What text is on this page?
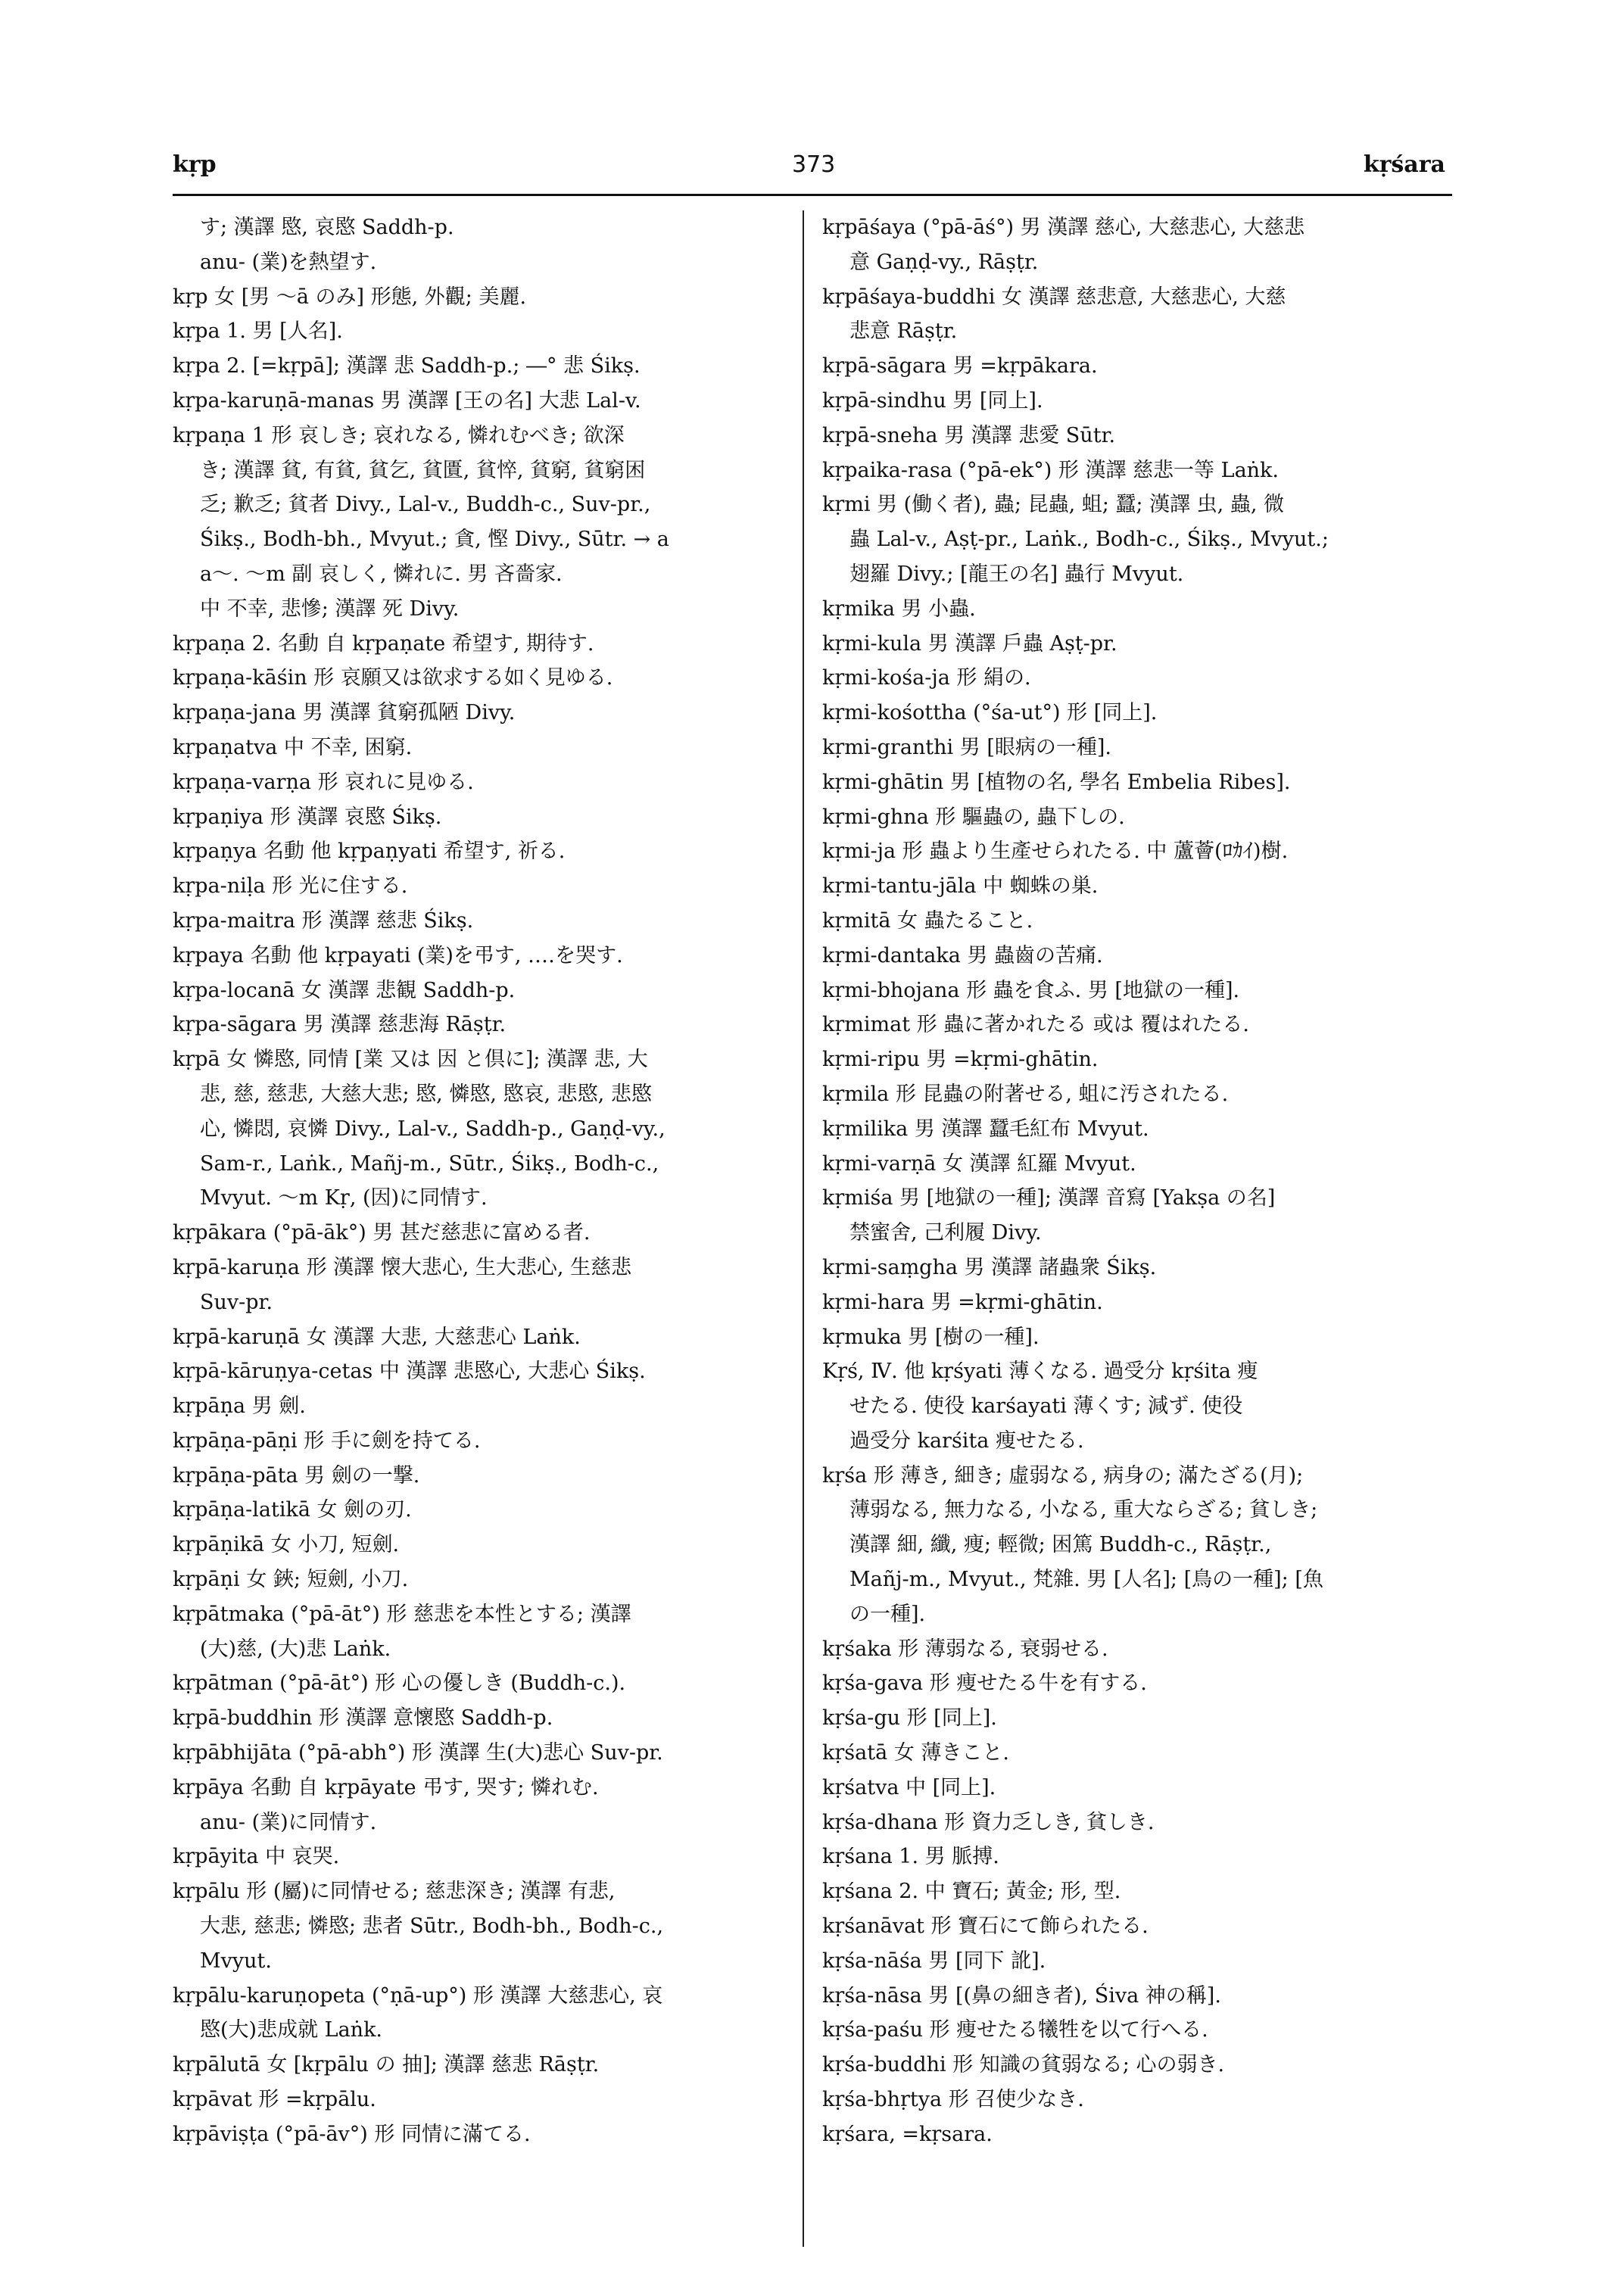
kṛp	373	kṛśara
す; 漢譯 愍, 哀愍 Saddh-p.
anu- (業)を熱望す.
kṛp 女 [男 〜ā のみ] 形態, 外觀; 美麗.
kṛpa 1. 男 [人名].
kṛpa 2. [=kṛpā]; 漢譯 悲 Saddh-p.; ―° 悲 Śikṣ.
kṛpa-karuṇā-manas 男 漢譯 [王の名] 大悲 Lal-v.
kṛpaṇa 1 形 哀しき; 哀れなる, 憐れむべき; 欲深
き; 漢譯 貧, 有貧, 貧乞, 貧匱, 貧悴, 貧窮, 貧窮困
乏; 歉乏; 貧者 Divy., Lal-v., Buddh-c., Suv-pr.,
Śikṣ., Bodh-bh., Mvyut.; 貪, 慳 Divy., Sūtr. → a
a〜. 〜m 副 哀しく, 憐れに. 男 吝嗇家.
中 不幸, 悲慘; 漢譯 死 Divy.
kṛpaṇa 2. 名動 自 kṛpaṇate 希望す, 期待す.
kṛpaṇa-kāśin 形 哀願又は欲求する如く見ゆる.
kṛpaṇa-jana 男 漢譯 貧窮孤陋 Divy.
kṛpaṇatva 中 不幸, 困窮.
kṛpaṇa-varṇa 形 哀れに見ゆる.
kṛpaṇiya 形 漢譯 哀愍 Śikṣ.
kṛpaṇya 名動 他 kṛpaṇyati 希望す, 祈る.
kṛpa-niḷa 形 光に住する.
kṛpa-maitra 形 漢譯 慈悲 Śikṣ.
kṛpaya 名動 他 kṛpayati (業)を弔す, ‥‥を哭す.
kṛpa-locanā 女 漢譯 悲観 Saddh-p.
kṛpa-sāgara 男 漢譯 慈悲海 Rāṣṭr.
kṛpā 女 憐愍, 同情 [業 又は 因 と倶に]; 漢譯 悲, 大
悲, 慈, 慈悲, 大慈大悲; 愍, 憐愍, 愍哀, 悲愍, 悲愍
心, 憐悶, 哀憐 Divy., Lal-v., Saddh-p., Gaṇḍ-vy.,
Sam-r., Laṅk., Mañj-m., Sūtr., Śikṣ., Bodh-c.,
Mvyut. 〜m Kṛ, (因)に同情す.
kṛpākara (°pā-āk°) 男 甚だ慈悲に富める者.
kṛpā-karuṇa 形 漢譯 懐大悲心, 生大悲心, 生慈悲
Suv-pr.
kṛpā-karuṇā 女 漢譯 大悲, 大慈悲心 Laṅk.
kṛpā-kāruṇya-cetas 中 漢譯 悲愍心, 大悲心 Śikṣ.
kṛpāṇa 男 劍.
kṛpāṇa-pāṇi 形 手に劍を持てる.
kṛpāṇa-pāta 男 劍の一撃.
kṛpāṇa-latikā 女 劍の刃.
kṛpāṇikā 女 小刀, 短劍.
kṛpāṇi 女 鋏; 短劍, 小刀.
kṛpātmaka (°pā-āt°) 形 慈悲を本性とする; 漢譯
(大)慈, (大)悲 Laṅk.
kṛpātman (°pā-āt°) 形 心の優しき (Buddh-c.).
kṛpā-buddhin 形 漢譯 意懷愍 Saddh-p.
kṛpābhijāta (°pā-abh°) 形 漢譯 生(大)悲心 Suv-pr.
kṛpāya 名動 自 kṛpāyate 弔す, 哭す; 憐れむ.
anu- (業)に同情す.
kṛpāyita 中 哀哭.
kṛpālu 形 (屬)に同情せる; 慈悲深き; 漢譯 有悲,
大悲, 慈悲; 憐愍; 悲者 Sūtr., Bodh-bh., Bodh-c.,
Mvyut.
kṛpālu-karuṇopeta (°ṇā-up°) 形 漢譯 大慈悲心, 哀
愍(大)悲成就 Laṅk.
kṛpālutā 女 [kṛpālu の 抽]; 漢譯 慈悲 Rāṣṭr.
kṛpāvat 形 =kṛpālu.
kṛpāviṣṭa (°pā-āv°) 形 同情に滿てる.
kṛpāśaya (°pā-āś°) 男 漢譯 慈心, 大慈悲心, 大慈悲
意 Gaṇḍ-vy., Rāṣṭr.
kṛpāśaya-buddhi 女 漢譯 慈悲意, 大慈悲心, 大慈
悲意 Rāṣṭr.
kṛpā-sāgara 男 =kṛpākara.
kṛpā-sindhu 男 [同上].
kṛpā-sneha 男 漢譯 悲愛 Sūtr.
kṛpaika-rasa (°pā-ek°) 形 漢譯 慈悲一等 Laṅk.
kṛmi 男 (働く者), 蟲; 昆蟲, 蛆; 蠶; 漢譯 虫, 蟲, 微
蟲 Lal-v., Aṣṭ-pr., Laṅk., Bodh-c., Śikṣ., Mvyut.;
翅羅 Divy.; [龍王の名] 蟲行 Mvyut.
kṛmika 男 小蟲.
kṛmi-kula 男 漢譯 戶蟲 Aṣṭ-pr.
kṛmi-kośa-ja 形 絹の.
kṛmi-kośottha (°śa-ut°) 形 [同上].
kṛmi-granthi 男 [眼病の一種].
kṛmi-ghātin 男 [植物の名, 學名 Embelia Ribes].
kṛmi-ghna 形 驅蟲の, 蟲下しの.
kṛmi-ja 形 蟲より生產せられたる. 中 蘆薈(ﾛｶｲ)樹.
kṛmi-tantu-jāla 中 蜘蛛の巣.
kṛmitā 女 蟲たること.
kṛmi-dantaka 男 蟲齒の苦痛.
kṛmi-bhojana 形 蟲を食ふ. 男 [地獄の一種].
kṛmimat 形 蟲に著かれたる 或は 覆はれたる.
kṛmi-ripu 男 =kṛmi-ghātin.
kṛmila 形 昆蟲の附著せる, 蛆に汚されたる.
kṛmilika 男 漢譯 蠶毛紅布 Mvyut.
kṛmi-varṇā 女 漢譯 紅羅 Mvyut.
kṛmiśa 男 [地獄の一種]; 漢譯 音寫 [Yakṣa の名]
禁蜜舍, 己利履 Divy.
kṛmi-saṃgha 男 漢譯 諸蟲衆 Śikṣ.
kṛmi-hara 男 =kṛmi-ghātin.
kṛmuka 男 [樹の一種].
Kṛś, Ⅳ. 他 kṛśyati 薄くなる. 過受分 kṛśita 痩
せたる. 使役 karśayati 薄くす; 減ず. 使役
過受分 karśita 痩せたる.
kṛśa 形 薄き, 細き; 虛弱なる, 病身の; 滿たざる(月);
薄弱なる, 無力なる, 小なる, 重大ならざる; 貧しき;
漢譯 細, 纖, 痩; 輕微; 困篤 Buddh-c., Rāṣṭr.,
Mañj-m., Mvyut., 梵雜. 男 [人名]; [鳥の一種]; [魚
の一種].
kṛśaka 形 薄弱なる, 衰弱せる.
kṛśa-gava 形 痩せたる牛を有する.
kṛśa-gu 形 [同上].
kṛśatā 女 薄きこと.
kṛśatva 中 [同上].
kṛśa-dhana 形 資力乏しき, 貧しき.
kṛśana 1. 男 脈搏.
kṛśana 2. 中 寶石; 黃金; 形, 型.
kṛśanāvat 形 寶石にて飾られたる.
kṛśa-nāśa 男 [同下 訛].
kṛśa-nāsa 男 [(鼻の細き者), Śiva 神の稱].
kṛśa-paśu 形 痩せたる犧牲を以て行へる.
kṛśa-buddhi 形 知識の貧弱なる; 心の弱き.
kṛśa-bhṛtya 形 召使少なき.
kṛśara, =kṛsara.
